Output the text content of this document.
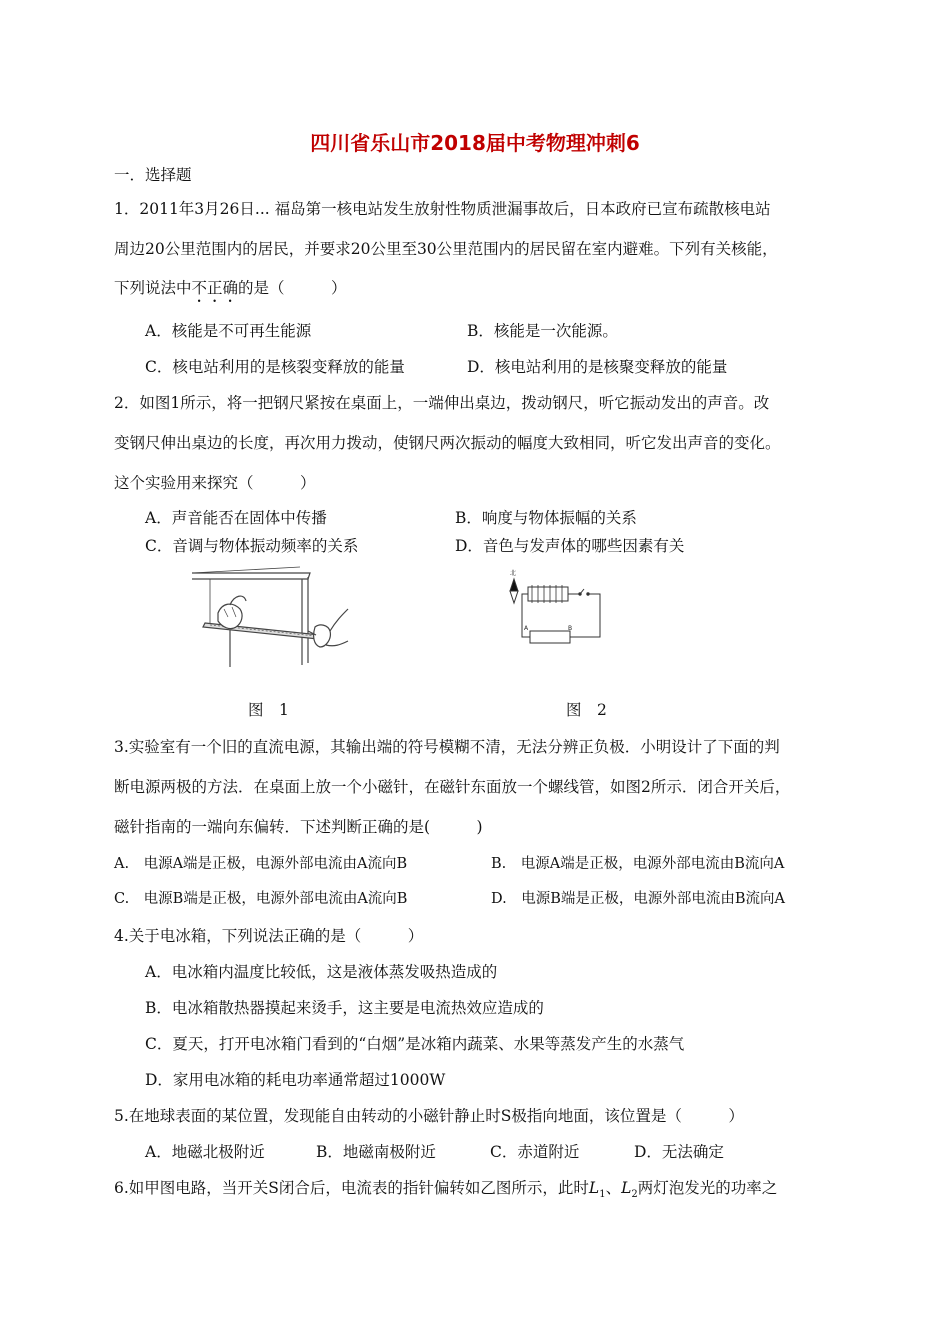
四川省乐山市2018届中考物理冲刺6
一．选择题
1．2011年3月26日... 福岛第一核电站发生放射性物质泄漏事故后，日本政府已宣布疏散核电站
周边20公里范围内的居民，并要求20公里至30公里范围内的居民留在室内避难。下列有关核能，
下列说法中不正确的是（　　　）
A．核能是不可再生能源	B．核能是一次能源。
C．核电站利用的是核裂变释放的能量	D．核电站利用的是核聚变释放的能量
2．如图1所示，将一把钢尺紧按在桌面上，一端伸出桌边，拨动钢尺，听它振动发出的声音。改
变钢尺伸出桌边的长度，再次用力拨动，使钢尺两次振动的幅度大致相同，听它发出声音的变化。
这个实验用来探究（　　　）
A．声音能否在固体中传播	B．响度与物体振幅的关系
C．音调与物体振动频率的关系	D．音色与发声体的哪些因素有关
北
A	B
图　1	图　2
3.实验室有一个旧的直流电源，其输出端的符号模糊不清，无法分辨正负极．小明设计了下面的判
断电源两极的方法．在桌面上放一个小磁针，在磁针东面放一个螺线管，如图2所示．闭合开关后，
磁针指南的一端向东偏转．下述判断正确的是(　　　)
A.　电源A端是正极，电源外部电流由A流向B	B.　电源A端是正极，电源外部电流由B流向A
C.　电源B端是正极，电源外部电流由A流向B	D.　电源B端是正极，电源外部电流由B流向A
4.关于电冰箱，下列说法正确的是（　　　）
A．电冰箱内温度比较低，这是液体蒸发吸热造成的
B．电冰箱散热器摸起来烫手，这主要是电流热效应造成的
C．夏天，打开电冰箱门看到的“白烟”是冰箱内蔬菜、水果等蒸发产生的水蒸气
D．家用电冰箱的耗电功率通常超过1000W
5.在地球表面的某位置，发现能自由转动的小磁针静止时S极指向地面，该位置是（　　　）
A．地磁北极附近	B．地磁南极附近	C．赤道附近	D．无法确定
6.如甲图电路，当开关S闭合后，电流表的指针偏转如乙图所示，此时$L_1$、$L_2$两灯泡发光的功率之
